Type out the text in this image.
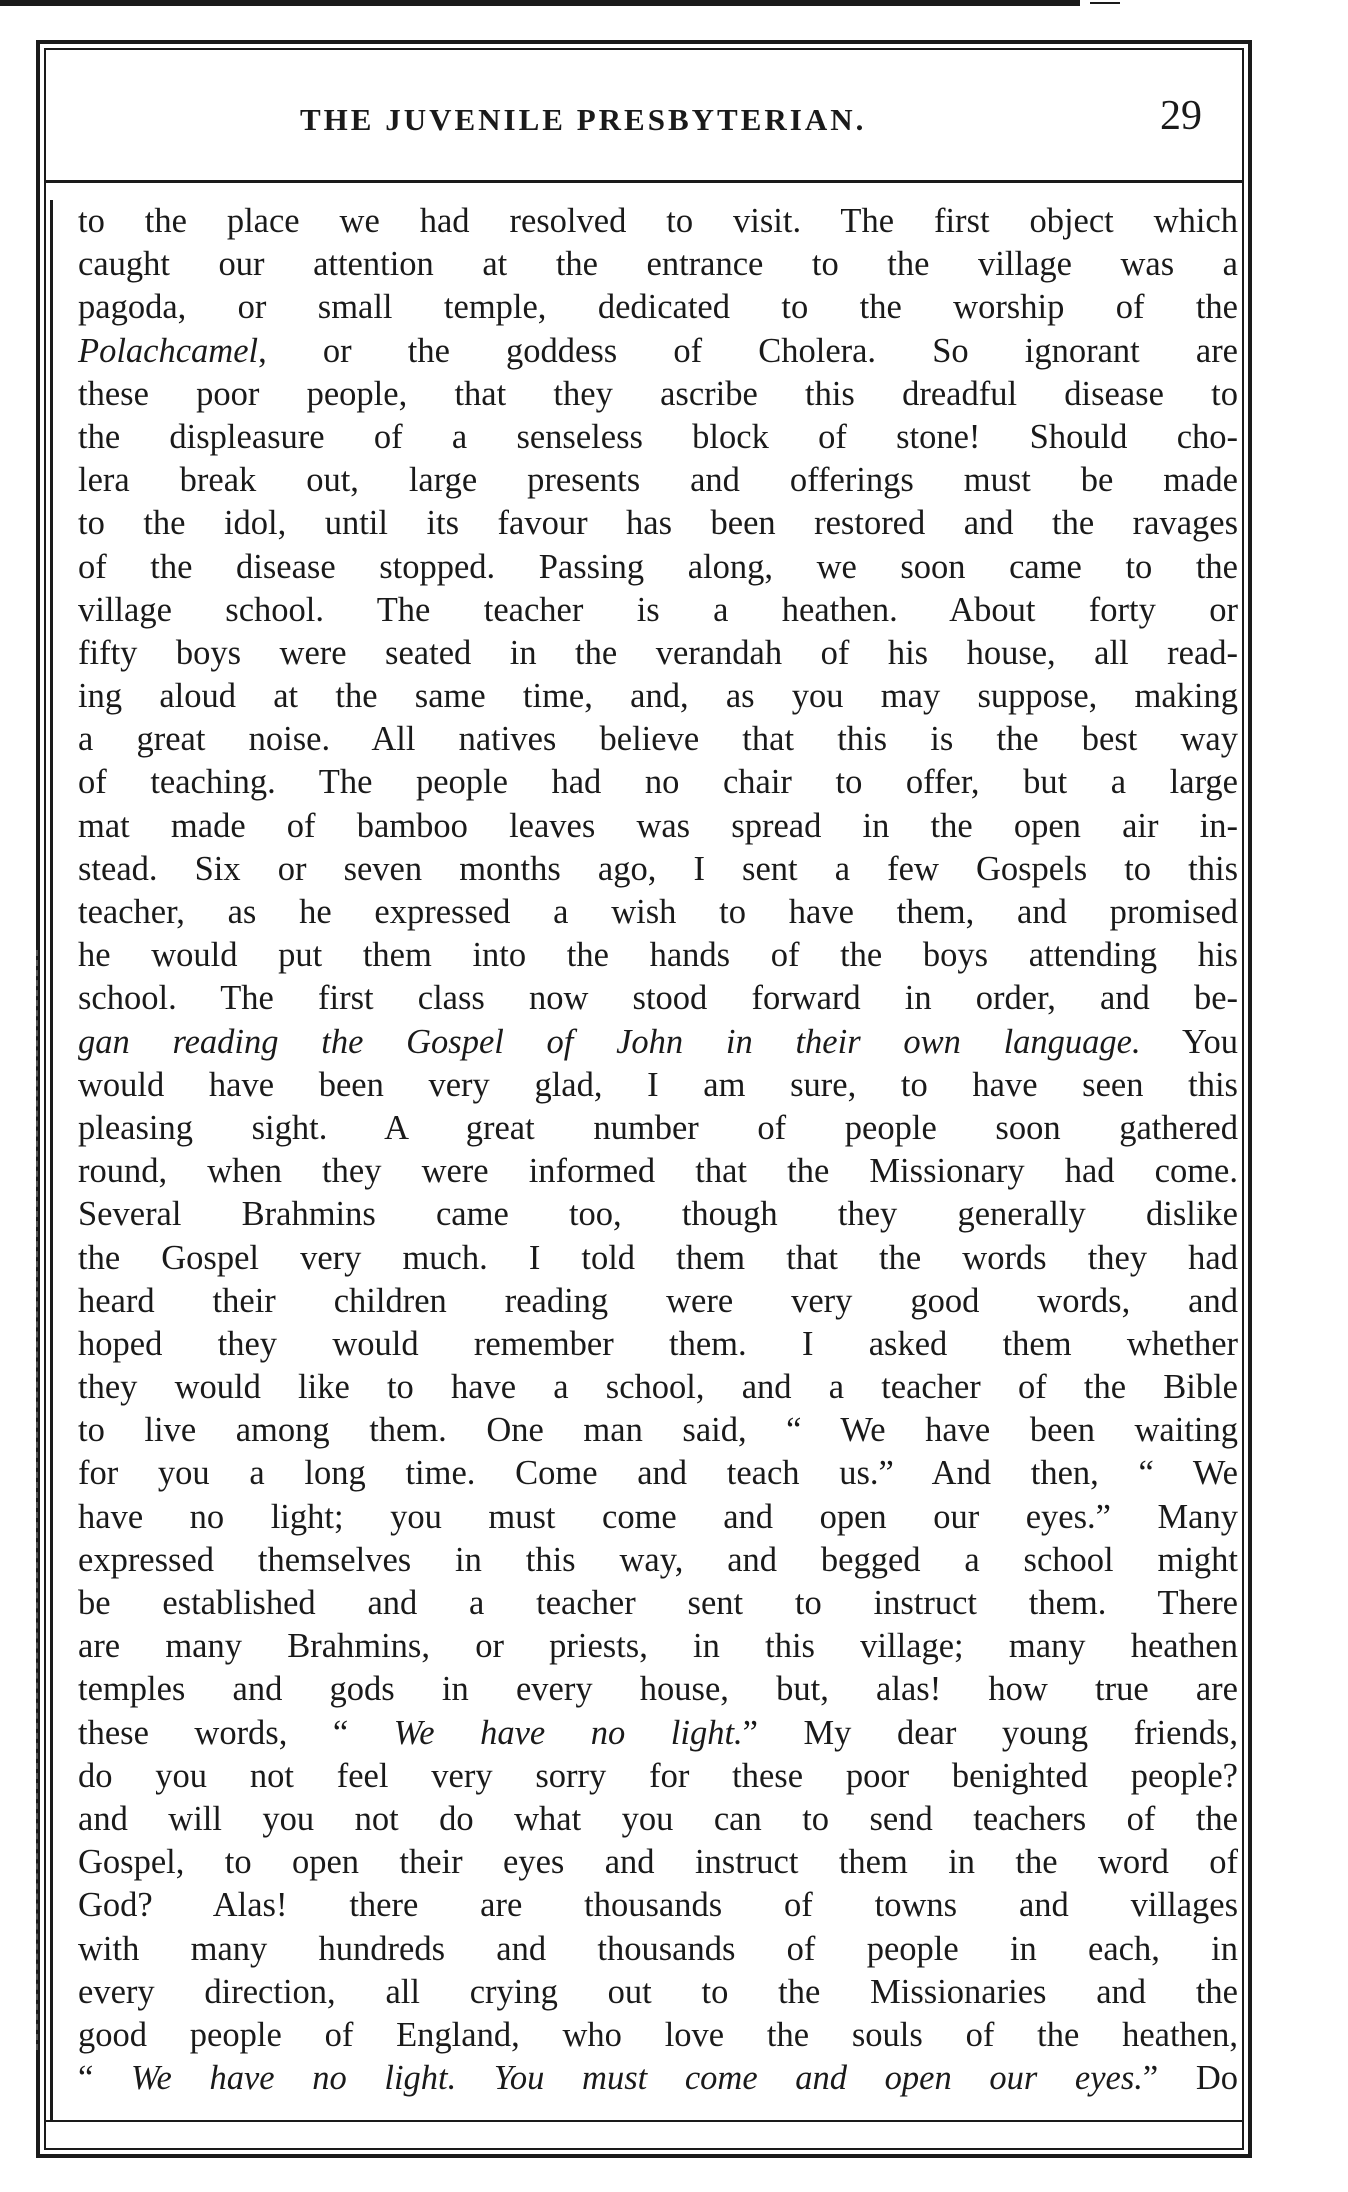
THE JUVENILE PRESBYTERIAN.	29
to the place we had resolved to visit. The first object which
caught our attention at the entrance to the village was a
pagoda, or small temple, dedicated to the worship of the
Polachcamel, or the goddess of Cholera. So ignorant are
these poor people, that they ascribe this dreadful disease to
the displeasure of a senseless block of stone! Should cho-
lera break out, large presents and offerings must be made
to the idol, until its favour has been restored and the ravages
of the disease stopped. Passing along, we soon came to the
village school. The teacher is a heathen. About forty or
fifty boys were seated in the verandah of his house, all read-
ing aloud at the same time, and, as you may suppose, making
a great noise. All natives believe that this is the best way
of teaching. The people had no chair to offer, but a large
mat made of bamboo leaves was spread in the open air in-
stead. Six or seven months ago, I sent a few Gospels to this
teacher, as he expressed a wish to have them, and promised
he would put them into the hands of the boys attending his
school. The first class now stood forward in order, and be-
gan reading the Gospel of John in their own language. You
would have been very glad, I am sure, to have seen this
pleasing sight. A great number of people soon gathered
round, when they were informed that the Missionary had come.
Several Brahmins came too, though they generally dislike
the Gospel very much. I told them that the words they had
heard their children reading were very good words, and
hoped they would remember them. I asked them whether
they would like to have a school, and a teacher of the Bible
to live among them. One man said, “ We have been waiting
for you a long time. Come and teach us.” And then, “ We
have no light; you must come and open our eyes.” Many
expressed themselves in this way, and begged a school might
be established and a teacher sent to instruct them. There
are many Brahmins, or priests, in this village; many heathen
temples and gods in every house, but, alas! how true are
these words, “ We have no light.” My dear young friends,
do you not feel very sorry for these poor benighted people?
and will you not do what you can to send teachers of the
Gospel, to open their eyes and instruct them in the word of
God? Alas! there are thousands of towns and villages
with many hundreds and thousands of people in each, in
every direction, all crying out to the Missionaries and the
good people of England, who love the souls of the heathen,
“ We have no light. You must come and open our eyes.” Do
